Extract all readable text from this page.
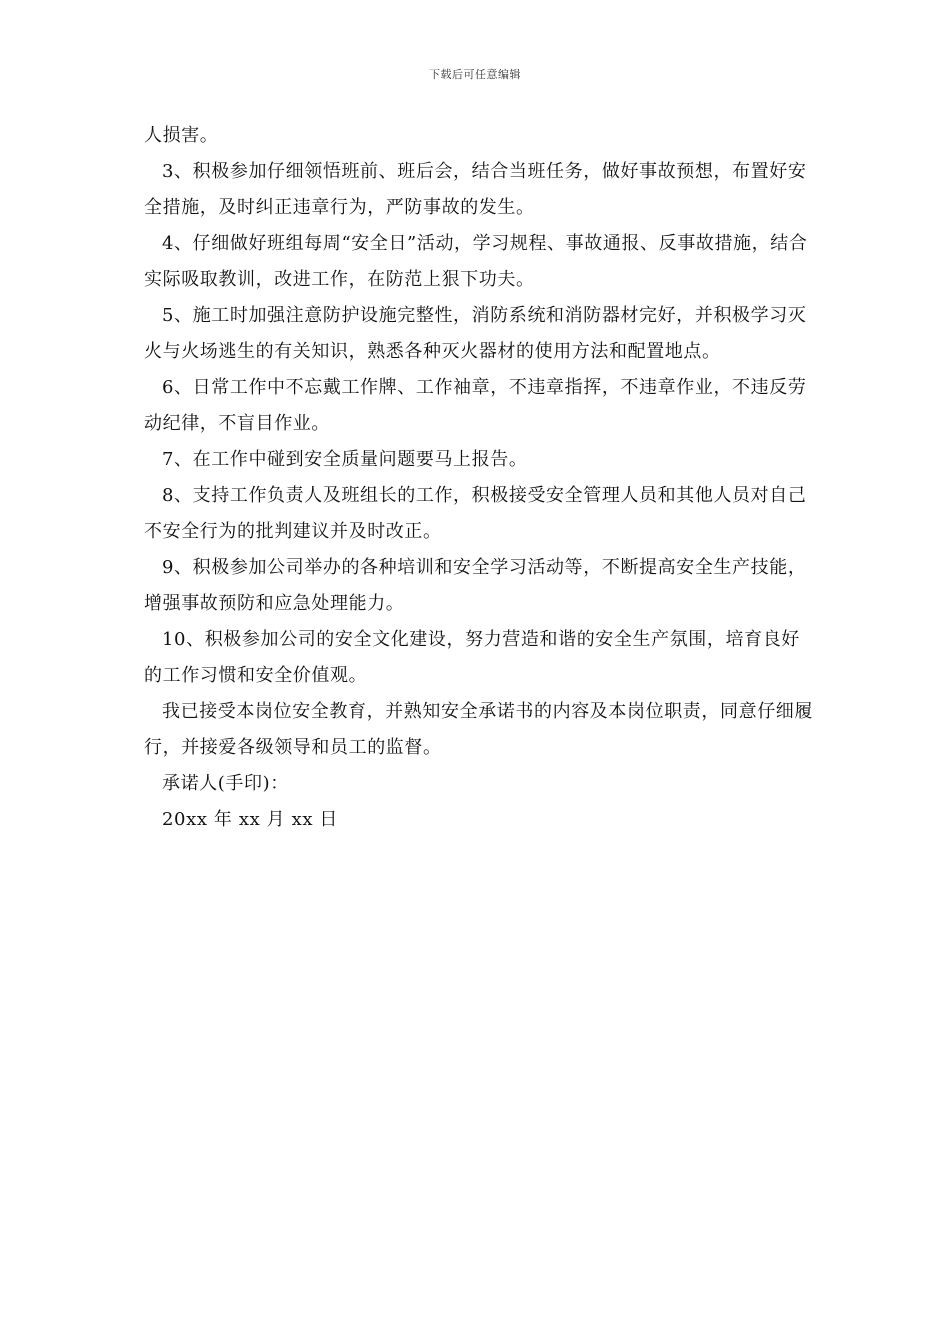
下载后可任意编辑

人损害。

3、积极参加仔细领悟班前、班后会，结合当班任务，做好事故预想，布置好安全措施，及时纠正违章行为，严防事故的发生。

4、仔细做好班组每周“安全日”活动，学习规程、事故通报、反事故措施，结合实际吸取教训，改进工作，在防范上狠下功夫。

5、施工时加强注意防护设施完整性，消防系统和消防器材完好，并积极学习灭火与火场逃生的有关知识，熟悉各种灭火器材的使用方法和配置地点。

6、日常工作中不忘戴工作牌、工作袖章，不违章指挥，不违章作业，不违反劳动纪律，不盲目作业。

7、在工作中碰到安全质量问题要马上报告。

8、支持工作负责人及班组长的工作，积极接受安全管理人员和其他人员对自己不安全行为的批判建议并及时改正。

9、积极参加公司举办的各种培训和安全学习活动等，不断提高安全生产技能，增强事故预防和应急处理能力。

10、积极参加公司的安全文化建设，努力营造和谐的安全生产氛围，培育良好的工作习惯和安全价值观。

我已接受本岗位安全教育，并熟知安全承诺书的内容及本岗位职责，同意仔细履行，并接爱各级领导和员工的监督。

承诺人(手印)：

20xx 年 xx 月 xx 日
